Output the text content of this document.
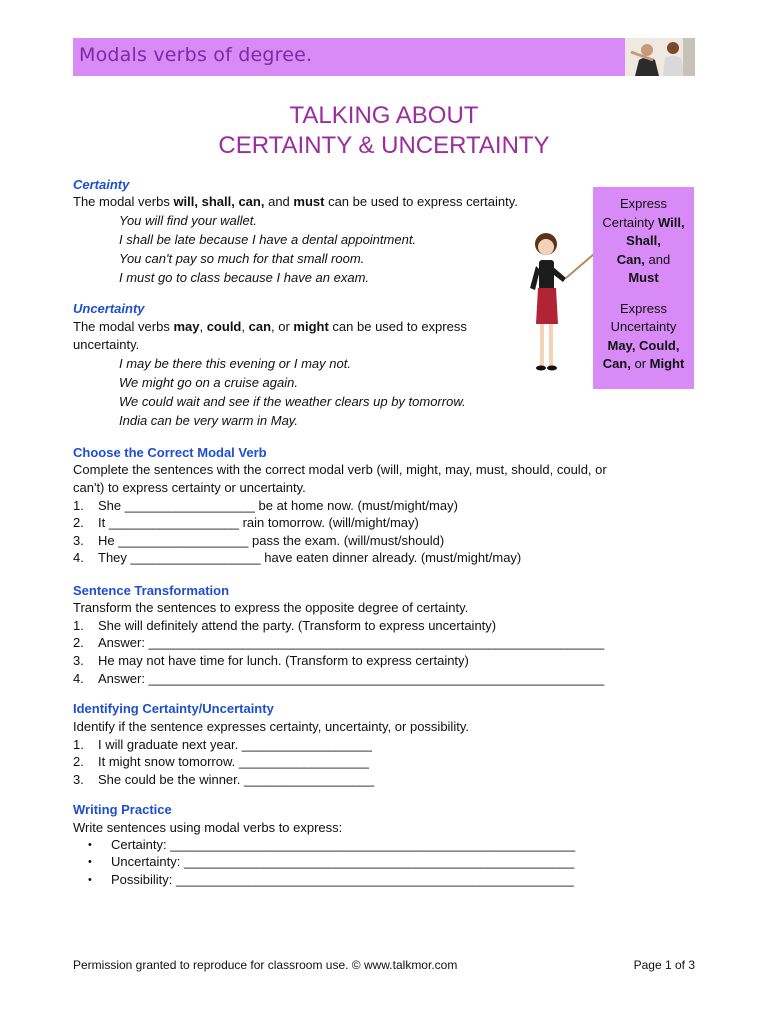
Modals verbs of degree.
TALKING ABOUT
CERTAINTY & UNCERTAINTY
Certainty
The modal verbs will, shall, can, and must can be used to express certainty.
You will find your wallet.
I shall be late because I have a dental appointment.
You can't pay so much for that small room.
I must go to class because I have an exam.
Uncertainty
The modal verbs may, could, can, or might can be used to express
uncertainty.
I may be there this evening or I may not.
We might go on a cruise again.
We could wait and see if the weather clears up by tomorrow.
India can be very warm in May.
Express
Certainty Will,
Shall,
Can, and
Must
Express
Uncertainty
May, Could,
Can, or Might
Choose the Correct Modal Verb
Complete the sentences with the correct modal verb (will, might, may, must, should, could, or
can't) to express certainty or uncertainty.
1. She __________________ be at home now. (must/might/may)
2. It __________________ rain tomorrow. (will/might/may)
3. He __________________ pass the exam. (will/must/should)
4. They __________________ have eaten dinner already. (must/might/may)
Sentence Transformation
Transform the sentences to express the opposite degree of certainty.
1. She will definitely attend the party. (Transform to express uncertainty)
2. Answer: _______________________________________________________________
3. He may not have time for lunch. (Transform to express certainty)
4. Answer: _______________________________________________________________
Identifying Certainty/Uncertainty
Identify if the sentence expresses certainty, uncertainty, or possibility.
1. I will graduate next year. __________________
2. It might snow tomorrow. __________________
3. She could be the winner. __________________
Writing Practice
Write sentences using modal verbs to express:
• Certainty: ________________________________________________________
• Uncertainty: ______________________________________________________
• Possibility: _______________________________________________________
Permission granted to reproduce for classroom use. © www.talkmor.com	Page 1 of 3
